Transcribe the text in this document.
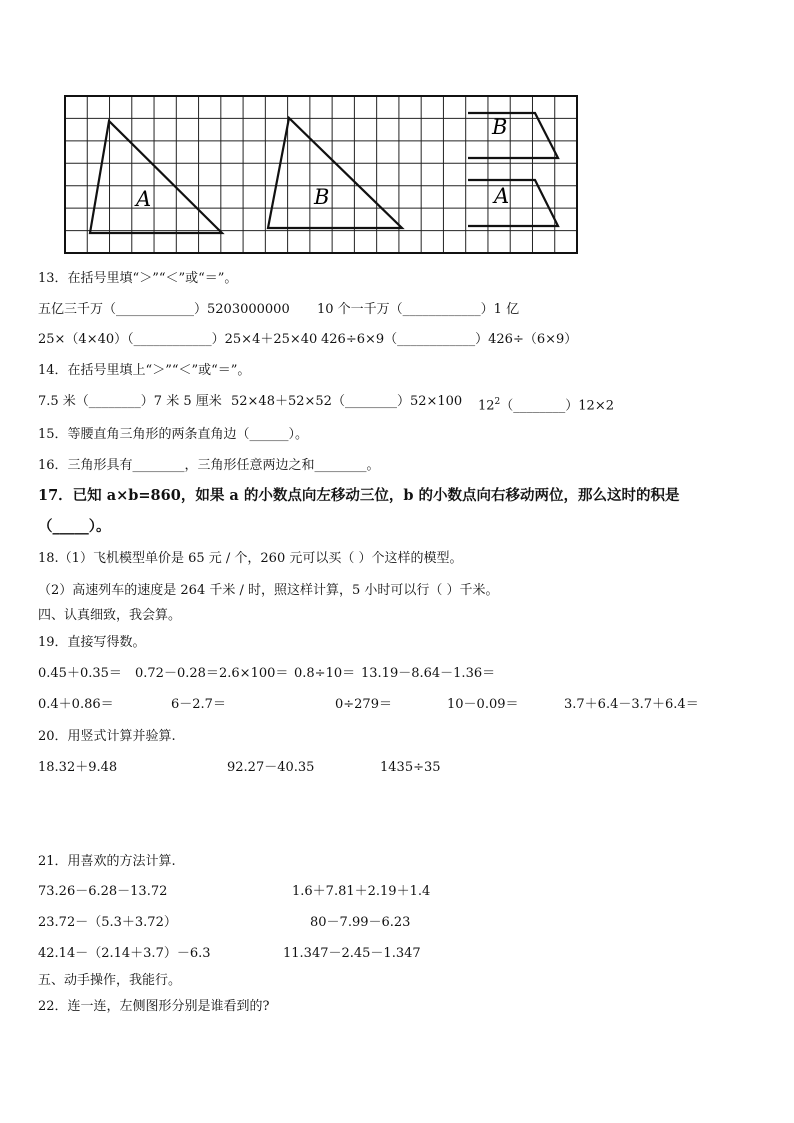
A	B
B
A
13．在括号里填“＞”“＜”或“＝”。
五亿三千万（____________）5203000000 10 个一千万（____________）1 亿
25×（4×40）（____________）25×4＋25×40 426÷6×9（____________）426÷（6×9）
14．在括号里填上“＞”“＜”或“＝”。
7.5 米（________）7 米 5 厘米 52×48＋52×52（________）52×100 $12^2(\_\_\_\_\_\_\_\_)12\times 2$
15．等腰直角三角形的两条直角边（______）。
16．三角形具有________，三角形任意两边之和________。
17．已知 a×b=860，如果 a 的小数点向左移动三位，b 的小数点向右移动两位，那么这时的积是
（_____）。
18.（1）飞机模型单价是 65 元 / 个，260 元可以买（ ）个这样的模型。
（2）高速列车的速度是 264 千米 / 时，照这样计算，5 小时可以行（ ）千米。
四、认真细致，我会算。
19．直接写得数。
0.45＋0.35＝ 0.72－0.28＝ 2.6×100＝ 0.8÷10＝ 13.19－8.64－1.36＝
0.4＋0.86＝	6－2.7＝	0÷279＝	10－0.09＝	3.7＋6.4－3.7＋6.4＝
20．用竖式计算并验算.
18.32＋9.48	92.27－40.35	1435÷35
21．用喜欢的方法计算.
73.26－6.28－13.72	1.6＋7.81＋2.19＋1.4
23.72－（5.3＋3.72）	80－7.99－6.23
42.14－（2.14＋3.7）－6.3	11.347－2.45－1.347
五、动手操作，我能行。
22．连一连，左侧图形分别是谁看到的?
